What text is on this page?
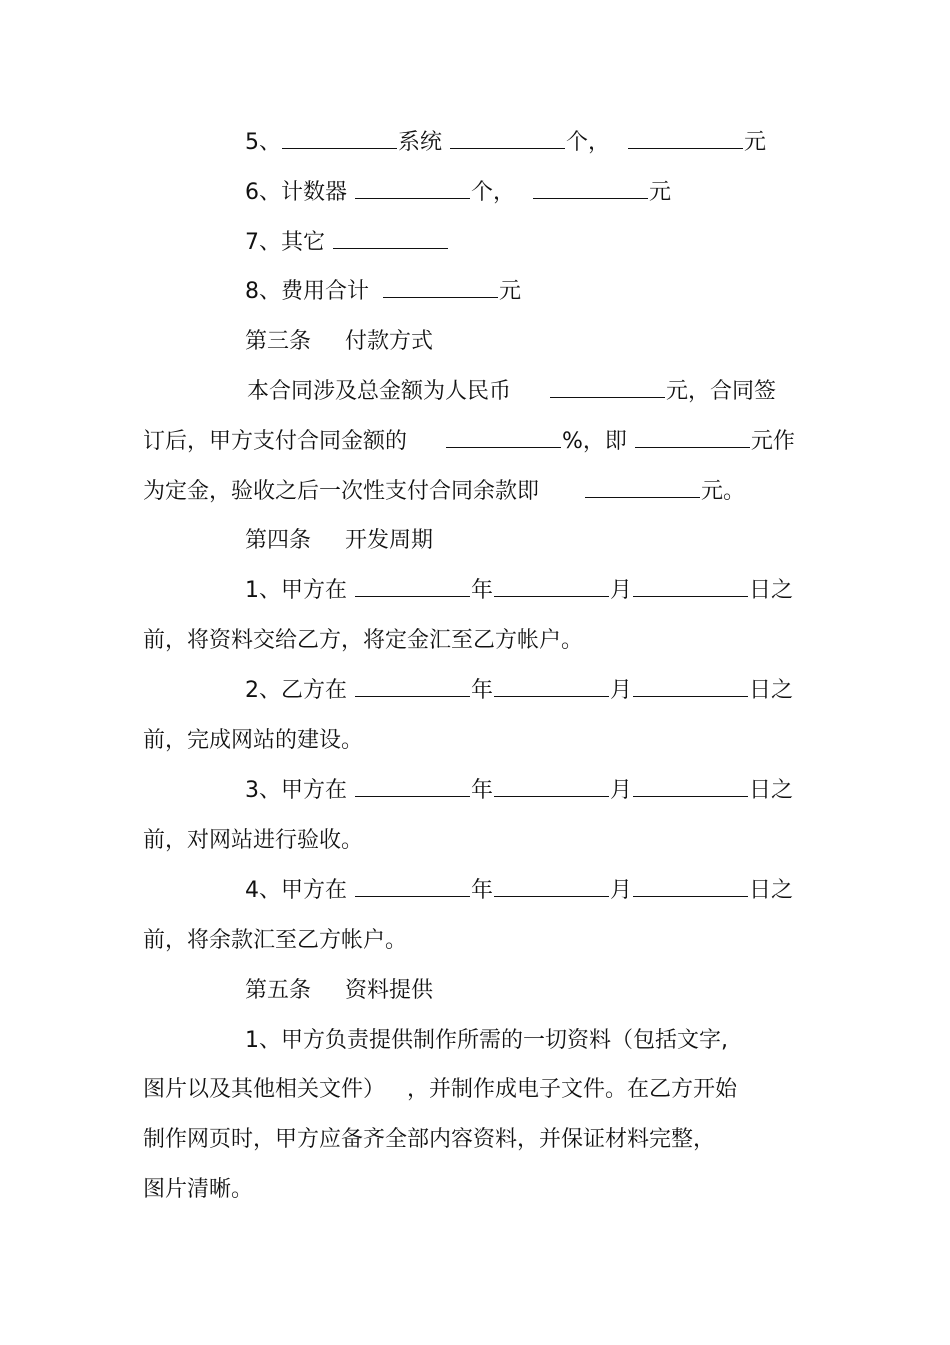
5、	系统	个，	元
6、计数器	个，	元
7、其它
8、费用合计	元
第三条 付款方式
本合同涉及总金额为人民币	元，合同签
订后，甲方支付合同金额的	%，即	元作
为定金，验收之后一次性支付合同余款即	元。
第四条 开发周期
1、甲方在	年	月	日之
前，将资料交给乙方，将定金汇至乙方帐户。
2、乙方在	年	月	日之
前，完成网站的建设。
3、甲方在	年	月	日之
前，对网站进行验收。
4、甲方在	年	月	日之
前，将余款汇至乙方帐户。
第五条 资料提供
1、甲方负责提供制作所需的一切资料（包括文字,
图片以及其他相关文件） ，并制作成电子文件。在乙方开始
制作网页时，甲方应备齐全部内容资料，并保证材料完整，
图片清晰。
